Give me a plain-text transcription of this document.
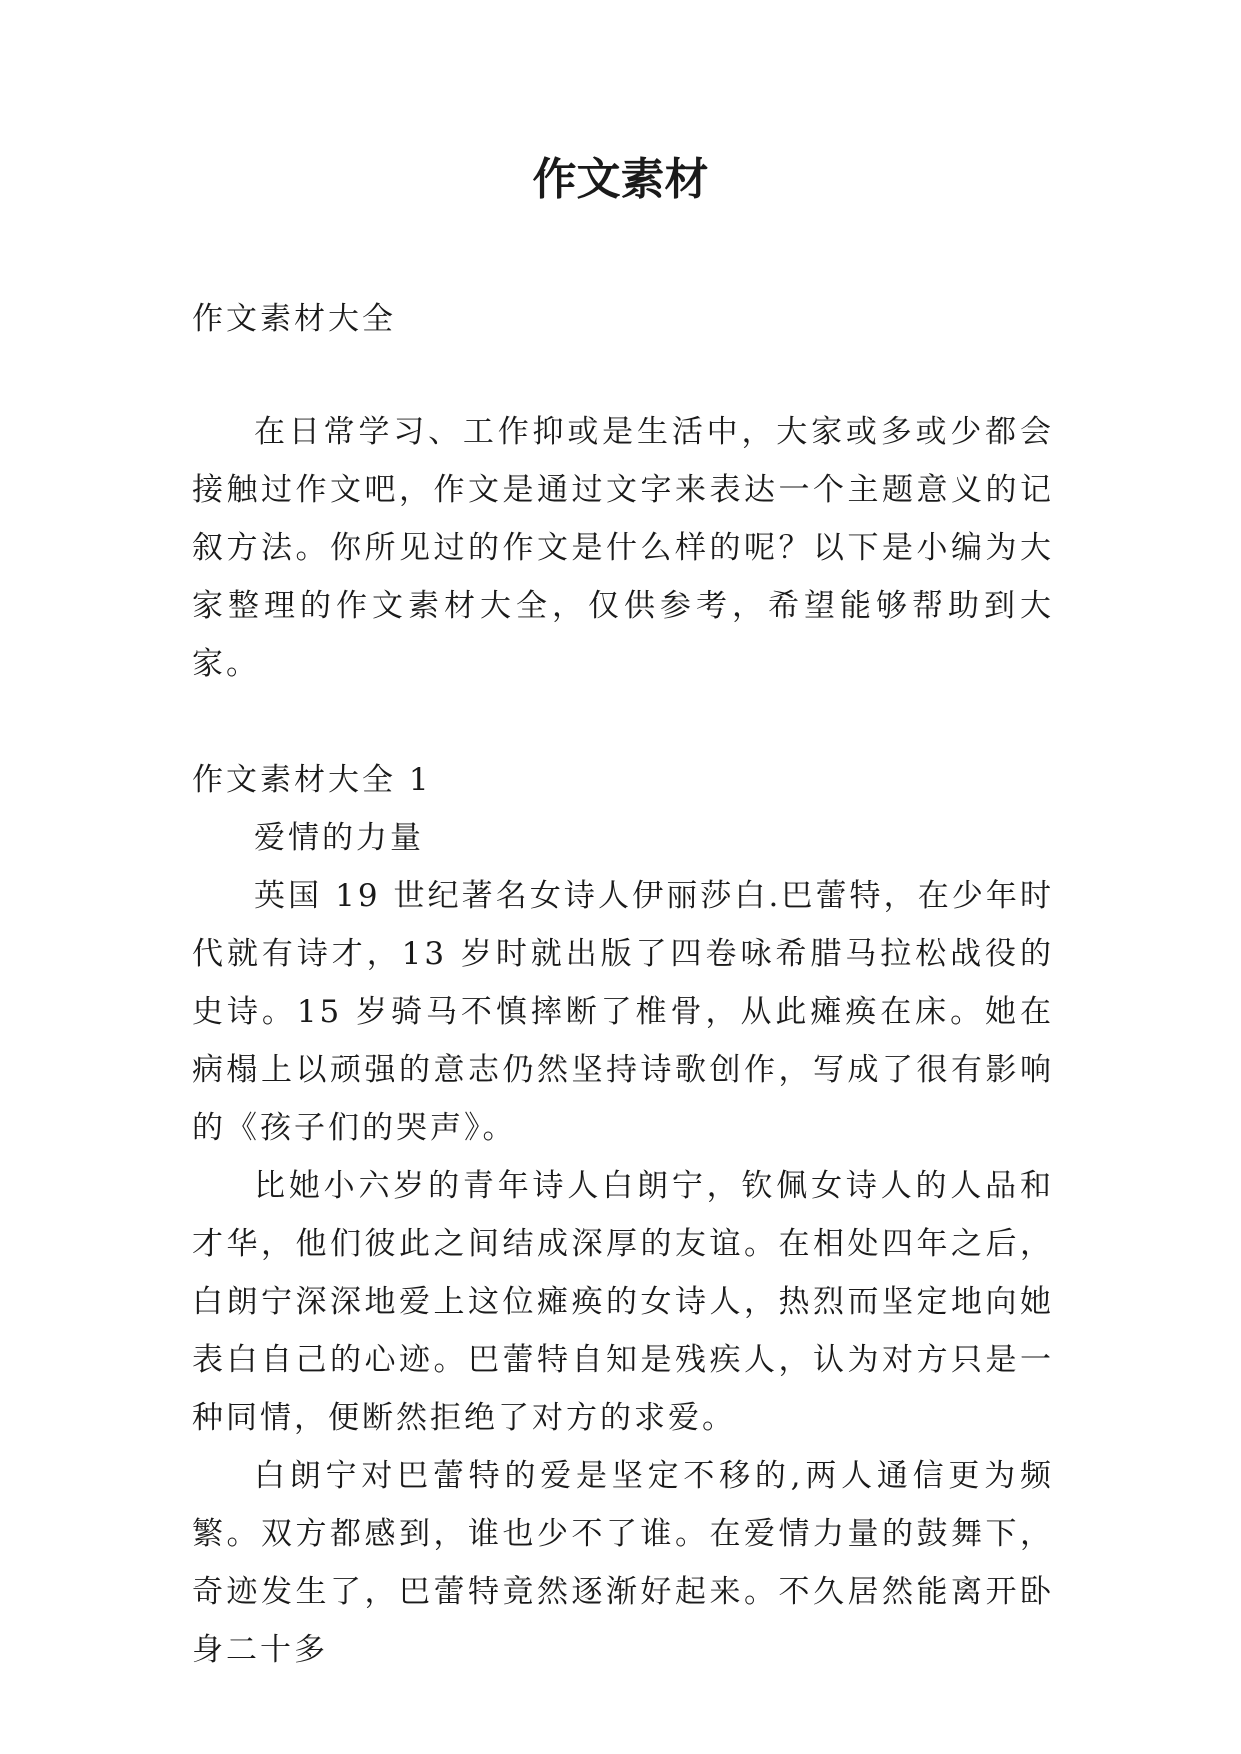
作文素材

作文素材大全

在日常学习、工作抑或是生活中，大家或多或少都会接触过作文吧，作文是通过文字来表达一个主题意义的记叙方法。你所见过的作文是什么样的呢？以下是小编为大家整理的作文素材大全，仅供参考，希望能够帮助到大家。

作文素材大全 1

爱情的力量

英国 19 世纪著名女诗人伊丽莎白.巴蕾特，在少年时代就有诗才，13 岁时就出版了四卷咏希腊马拉松战役的史诗。15 岁骑马不慎摔断了椎骨，从此瘫痪在床。她在病榻上以顽强的意志仍然坚持诗歌创作，写成了很有影响的《孩子们的哭声》。

比她小六岁的青年诗人白朗宁，钦佩女诗人的人品和才华，他们彼此之间结成深厚的友谊。在相处四年之后，白朗宁深深地爱上这位瘫痪的女诗人，热烈而坚定地向她表白自己的心迹。巴蕾特自知是残疾人，认为对方只是一种同情，便断然拒绝了对方的求爱。

白朗宁对巴蕾特的爱是坚定不移的,两人通信更为频繁。双方都感到，谁也少不了谁。在爱情力量的鼓舞下，奇迹发生了，巴蕾特竟然逐渐好起来。不久居然能离开卧身二十多
